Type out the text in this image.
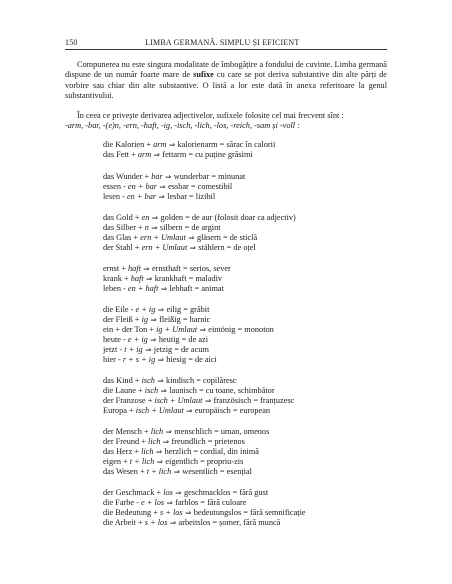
150	LIMBA GERMANĂ. SIMPLU ȘI EFICIENT

Compunerea nu este singura modalitate de îmbogățire a fondului de cuvinte. Limba germană dispune de un număr foarte mare de sufixe cu care se pot deriva substantive din alte părți de vorbire sau chiar din alte substantive. O listă a lor este dată în anexa referitoare la genul substantivului.

În ceea ce privește derivarea adjectivelor, sufixele folosite cel mai frecvent sînt :
-arm, -bar, -(e)n, -ern, -haft, -ig, -isch, -lich, -los, -reich, -sam și -voll :

die Kalorien + arm ⇒ kalorienarm = sărac în calorii
das Fett + arm ⇒ fettarm = cu puține grăsimi
das Wunder + bar ⇒ wunderbar = minunat
essen - en + bar ⇒ essbar = comestibil
lesen - en + bar ⇒ lesbar = lizibil
das Gold + en ⇒ golden = de aur (folosit doar ca adjectiv)
das Silber + n ⇒ silbern = de argint
das Glas + ern + Umlaut ⇒ gläsern = de sticlă
der Stahl + ern + Umlaut ⇒ stählern = de oțel
ernst + haft ⇒ ernsthaft = serios, sever
krank + haft ⇒ krankhaft = maladiv
leben - en + haft ⇒ lebhaft = animat
die Eile - e + ig ⇒ eilig = grăbit
der Fleiß + ig ⇒ fleißig = harnic
ein + der Ton + ig + Umlaut ⇒ eintönig = monoton
heute - e + ig ⇒ heutig = de azi
jetzt - t + ig ⇒ jetzig = de acum
hier - r + s + ig ⇒ hiesig = de aici
das Kind + isch ⇒ kindisch = copilăresc
die Laune + isch ⇒ launisch = cu toane, schimbător
der Franzose + isch + Umlaut ⇒ französisch = franțuzesc
Europa + isch + Umlaut ⇒ europäisch = european
der Mensch + lich ⇒ menschlich = uman, omenos
der Freund + lich ⇒ freundlich = prietenos
das Herz + lich ⇒ herzlich = cordial, din inimă
eigen + t + lich ⇒ eigentlich = propriu-zis
das Wesen + t + lich ⇒ wesentlich = esențial
der Geschmack + los ⇒ geschmacklos = fără gust
die Farbe - e + los ⇒ farblos = fără culoare
die Bedeutung + s + los ⇒ bedeutungslos = fără semnificație
die Arbeit + s + los ⇒ arbeitslos = șomer, fără muncă
